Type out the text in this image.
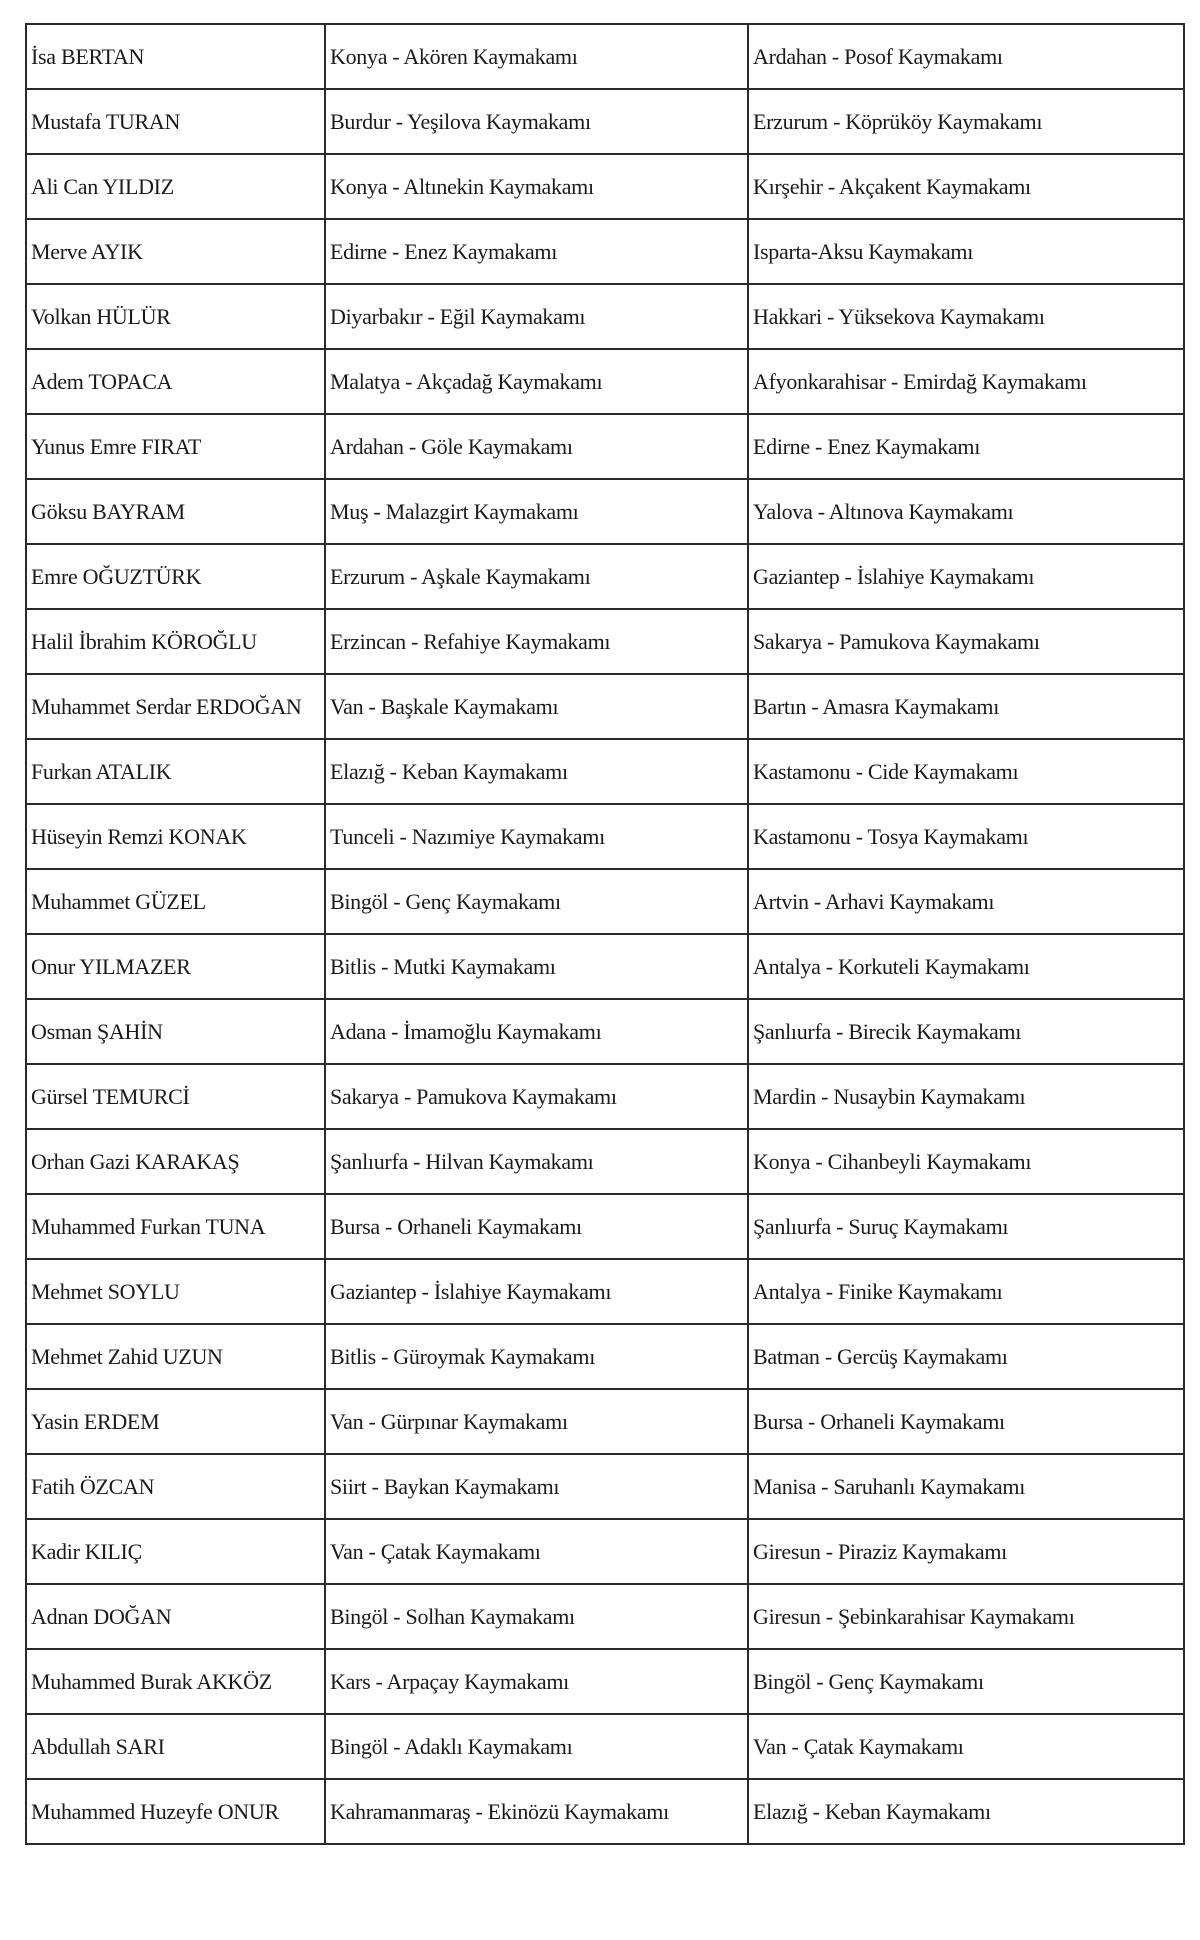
İsa BERTAN	Konya - Akören Kaymakamı	Ardahan - Posof Kaymakamı
Mustafa TURAN	Burdur - Yeşilova Kaymakamı	Erzurum - Köprüköy Kaymakamı
Ali Can YILDIZ	Konya - Altınekin Kaymakamı	Kırşehir - Akçakent Kaymakamı
Merve AYIK	Edirne - Enez Kaymakamı	Isparta-Aksu Kaymakamı
Volkan HÜLÜR	Diyarbakır - Eğil Kaymakamı	Hakkari - Yüksekova Kaymakamı
Adem TOPACA	Malatya - Akçadağ Kaymakamı	Afyonkarahisar - Emirdağ Kaymakamı
Yunus Emre FIRAT	Ardahan - Göle Kaymakamı	Edirne - Enez Kaymakamı
Göksu BAYRAM	Muş - Malazgirt Kaymakamı	Yalova - Altınova Kaymakamı
Emre OĞUZTÜRK	Erzurum - Aşkale Kaymakamı	Gaziantep - İslahiye Kaymakamı
Halil İbrahim KÖROĞLU	Erzincan - Refahiye Kaymakamı	Sakarya - Pamukova Kaymakamı
Muhammet Serdar ERDOĞAN	Van - Başkale Kaymakamı	Bartın - Amasra Kaymakamı
Furkan ATALIK	Elazığ - Keban Kaymakamı	Kastamonu - Cide Kaymakamı
Hüseyin Remzi KONAK	Tunceli - Nazımiye Kaymakamı	Kastamonu - Tosya Kaymakamı
Muhammet GÜZEL	Bingöl - Genç Kaymakamı	Artvin - Arhavi Kaymakamı
Onur YILMAZER	Bitlis - Mutki Kaymakamı	Antalya - Korkuteli Kaymakamı
Osman ŞAHİN	Adana - İmamoğlu Kaymakamı	Şanlıurfa - Birecik Kaymakamı
Gürsel TEMURCİ	Sakarya - Pamukova Kaymakamı	Mardin - Nusaybin Kaymakamı
Orhan Gazi KARAKAŞ	Şanlıurfa - Hilvan Kaymakamı	Konya - Cihanbeyli Kaymakamı
Muhammed Furkan TUNA	Bursa - Orhaneli Kaymakamı	Şanlıurfa - Suruç Kaymakamı
Mehmet SOYLU	Gaziantep - İslahiye Kaymakamı	Antalya - Finike Kaymakamı
Mehmet Zahid UZUN	Bitlis - Güroymak Kaymakamı	Batman - Gercüş Kaymakamı
Yasin ERDEM	Van - Gürpınar Kaymakamı	Bursa - Orhaneli Kaymakamı
Fatih ÖZCAN	Siirt - Baykan Kaymakamı	Manisa - Saruhanlı Kaymakamı
Kadir KILIÇ	Van - Çatak Kaymakamı	Giresun - Piraziz Kaymakamı
Adnan DOĞAN	Bingöl - Solhan Kaymakamı	Giresun - Şebinkarahisar Kaymakamı
Muhammed Burak AKKÖZ	Kars - Arpaçay Kaymakamı	Bingöl - Genç Kaymakamı
Abdullah SARI	Bingöl - Adaklı Kaymakamı	Van - Çatak Kaymakamı
Muhammed Huzeyfe ONUR	Kahramanmaraş - Ekinözü Kaymakamı	Elazığ - Keban Kaymakamı
